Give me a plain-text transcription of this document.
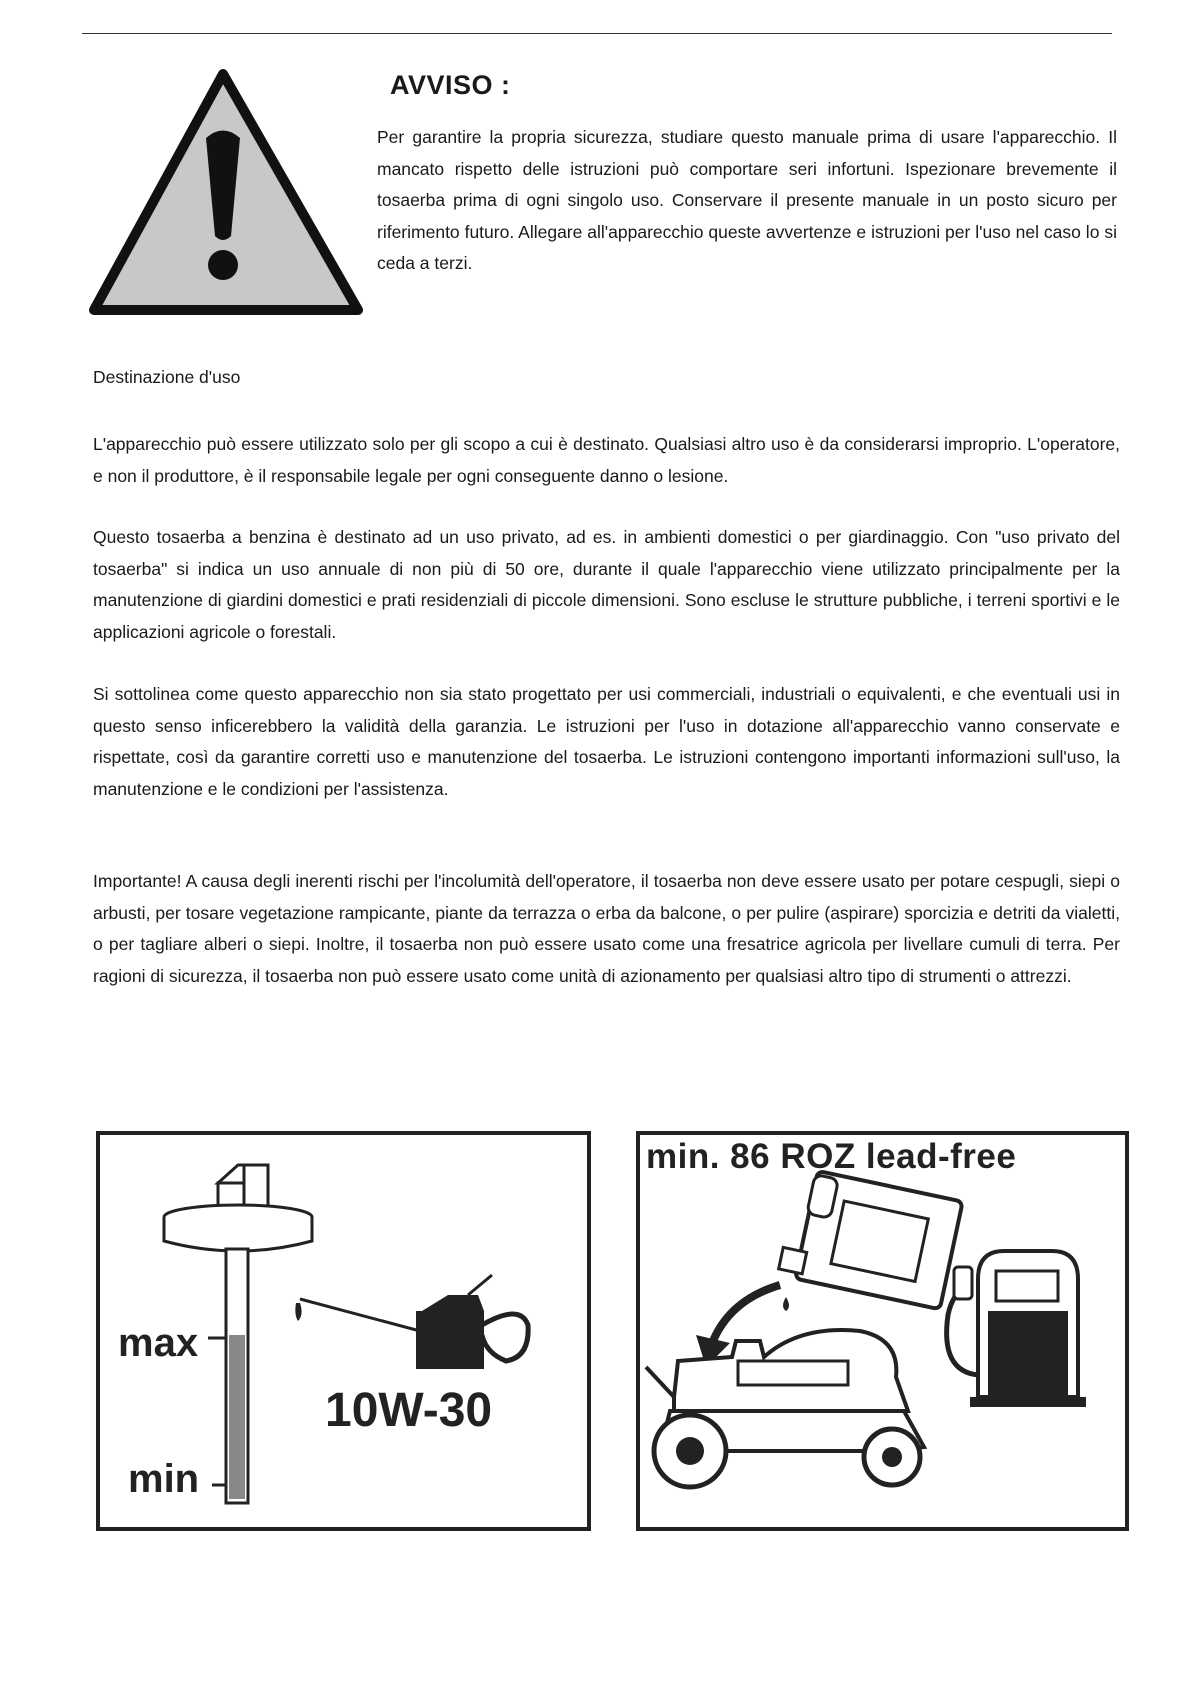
AVVISO :

Per garantire la propria sicurezza, studiare questo manuale prima di usare l'apparecchio. Il mancato rispetto delle istruzioni può comportare seri infortuni. Ispezionare brevemente il tosaerba prima di ogni singolo uso. Conservare il presente manuale in un posto sicuro per riferimento futuro. Allegare all'apparecchio queste avvertenze e istruzioni per l'uso nel caso lo si ceda a terzi.

Destinazione d'uso

L'apparecchio può essere utilizzato solo per gli scopo a cui è destinato. Qualsiasi altro uso è da considerarsi improprio. L'operatore, e non il produttore, è il responsabile legale per ogni conseguente danno o lesione.

Questo tosaerba a benzina è destinato ad un uso privato, ad es. in ambienti domestici o per giardinaggio. Con "uso privato del tosaerba" si indica un uso annuale di non più di 50 ore, durante il quale l'apparecchio viene utilizzato principalmente per la manutenzione di giardini domestici e prati residenziali di piccole dimensioni. Sono escluse le strutture pubbliche, i terreni sportivi e le applicazioni agricole o forestali.

Si sottolinea come questo apparecchio non sia stato progettato per usi commerciali, industriali o equivalenti, e che eventuali usi in questo senso inficerebbero la validità della garanzia. Le istruzioni per l'uso in dotazione all'apparecchio vanno conservate e rispettate, così da garantire corretti uso e manutenzione del tosaerba. Le istruzioni contengono importanti informazioni sull'uso, la manutenzione e le condizioni per l'assistenza.

Importante! A causa degli inerenti rischi per l'incolumità dell'operatore, il tosaerba non deve essere usato per potare cespugli, siepi o arbusti, per tosare vegetazione rampicante, piante da terrazza o erba da balcone, o per pulire (aspirare) sporcizia e detriti da vialetti, o per tagliare alberi o siepi. Inoltre, il tosaerba non può essere usato come una fresatrice agricola per livellare cumuli di terra. Per ragioni di sicurezza, il tosaerba non può essere usato come unità di azionamento per qualsiasi altro tipo di strumenti o attrezzi.

max

min

10W-30

min. 86 ROZ lead-free
